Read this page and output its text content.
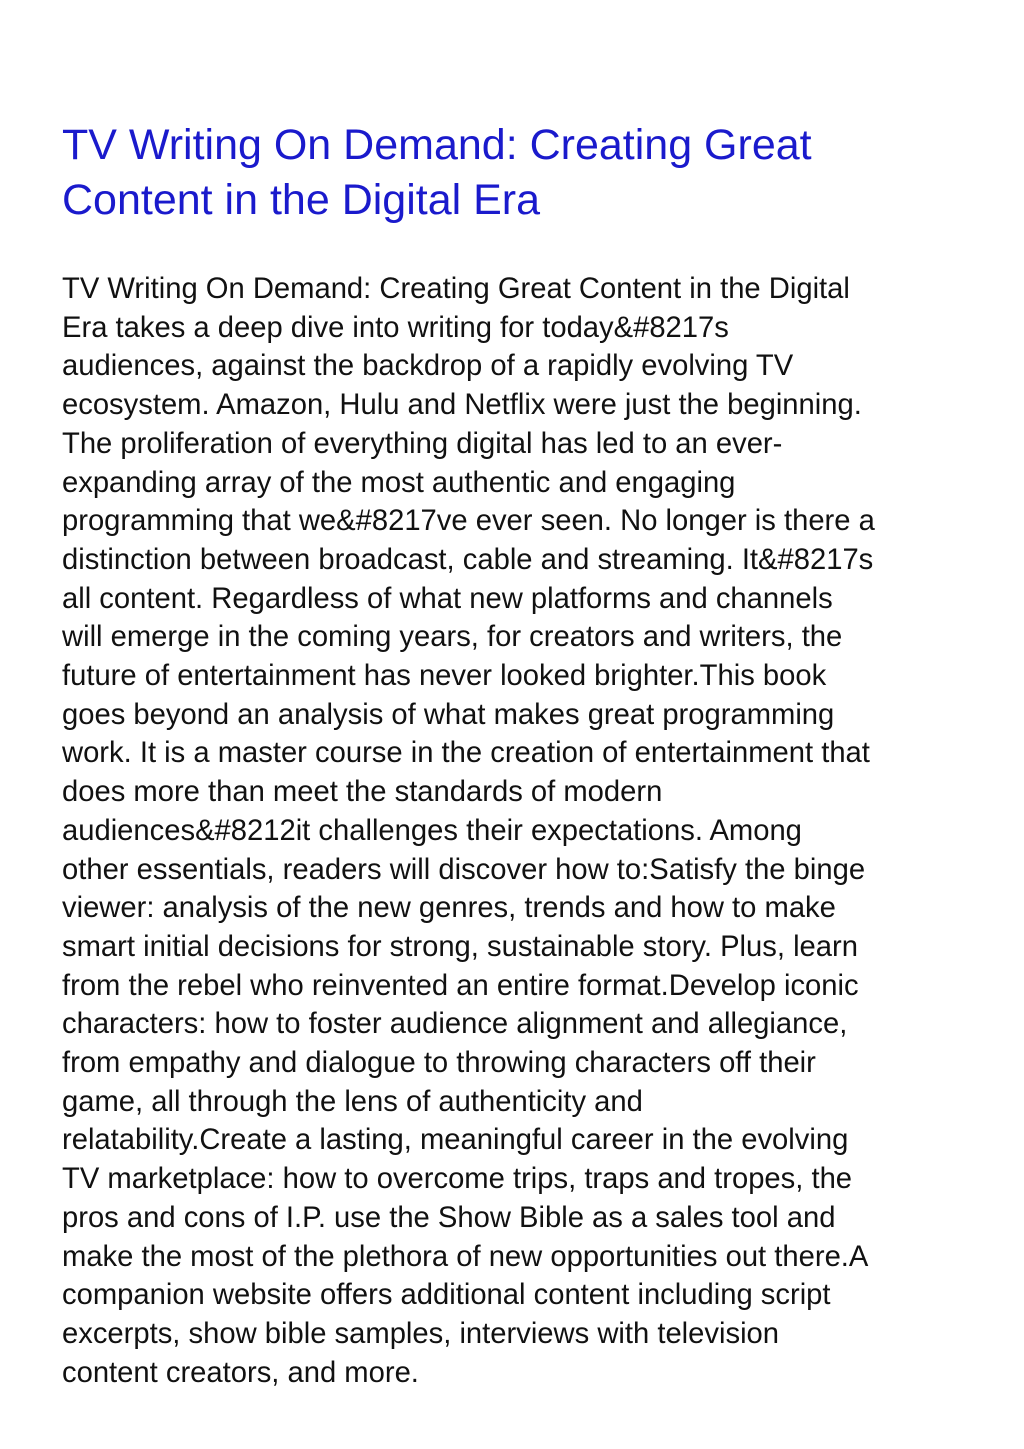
TV Writing On Demand: Creating Great
Content in the Digital Era
TV Writing On Demand: Creating Great Content in the Digital
Era takes a deep dive into writing for today&#8217s
audiences, against the backdrop of a rapidly evolving TV
ecosystem. Amazon, Hulu and Netflix were just the beginning.
The proliferation of everything digital has led to an ever-
expanding array of the most authentic and engaging
programming that we&#8217ve ever seen. No longer is there a
distinction between broadcast, cable and streaming. It&#8217s
all content. Regardless of what new platforms and channels
will emerge in the coming years, for creators and writers, the
future of entertainment has never looked brighter.This book
goes beyond an analysis of what makes great programming
work. It is a master course in the creation of entertainment that
does more than meet the standards of modern
audiences&#8212it challenges their expectations. Among
other essentials, readers will discover how to:Satisfy the binge
viewer: analysis of the new genres, trends and how to make
smart initial decisions for strong, sustainable story. Plus, learn
from the rebel who reinvented an entire format.Develop iconic
characters: how to foster audience alignment and allegiance,
from empathy and dialogue to throwing characters off their
game, all through the lens of authenticity and
relatability.Create a lasting, meaningful career in the evolving
TV marketplace: how to overcome trips, traps and tropes, the
pros and cons of I.P. use the Show Bible as a sales tool and
make the most of the plethora of new opportunities out there.A
companion website offers additional content including script
excerpts, show bible samples, interviews with television
content creators, and more.
